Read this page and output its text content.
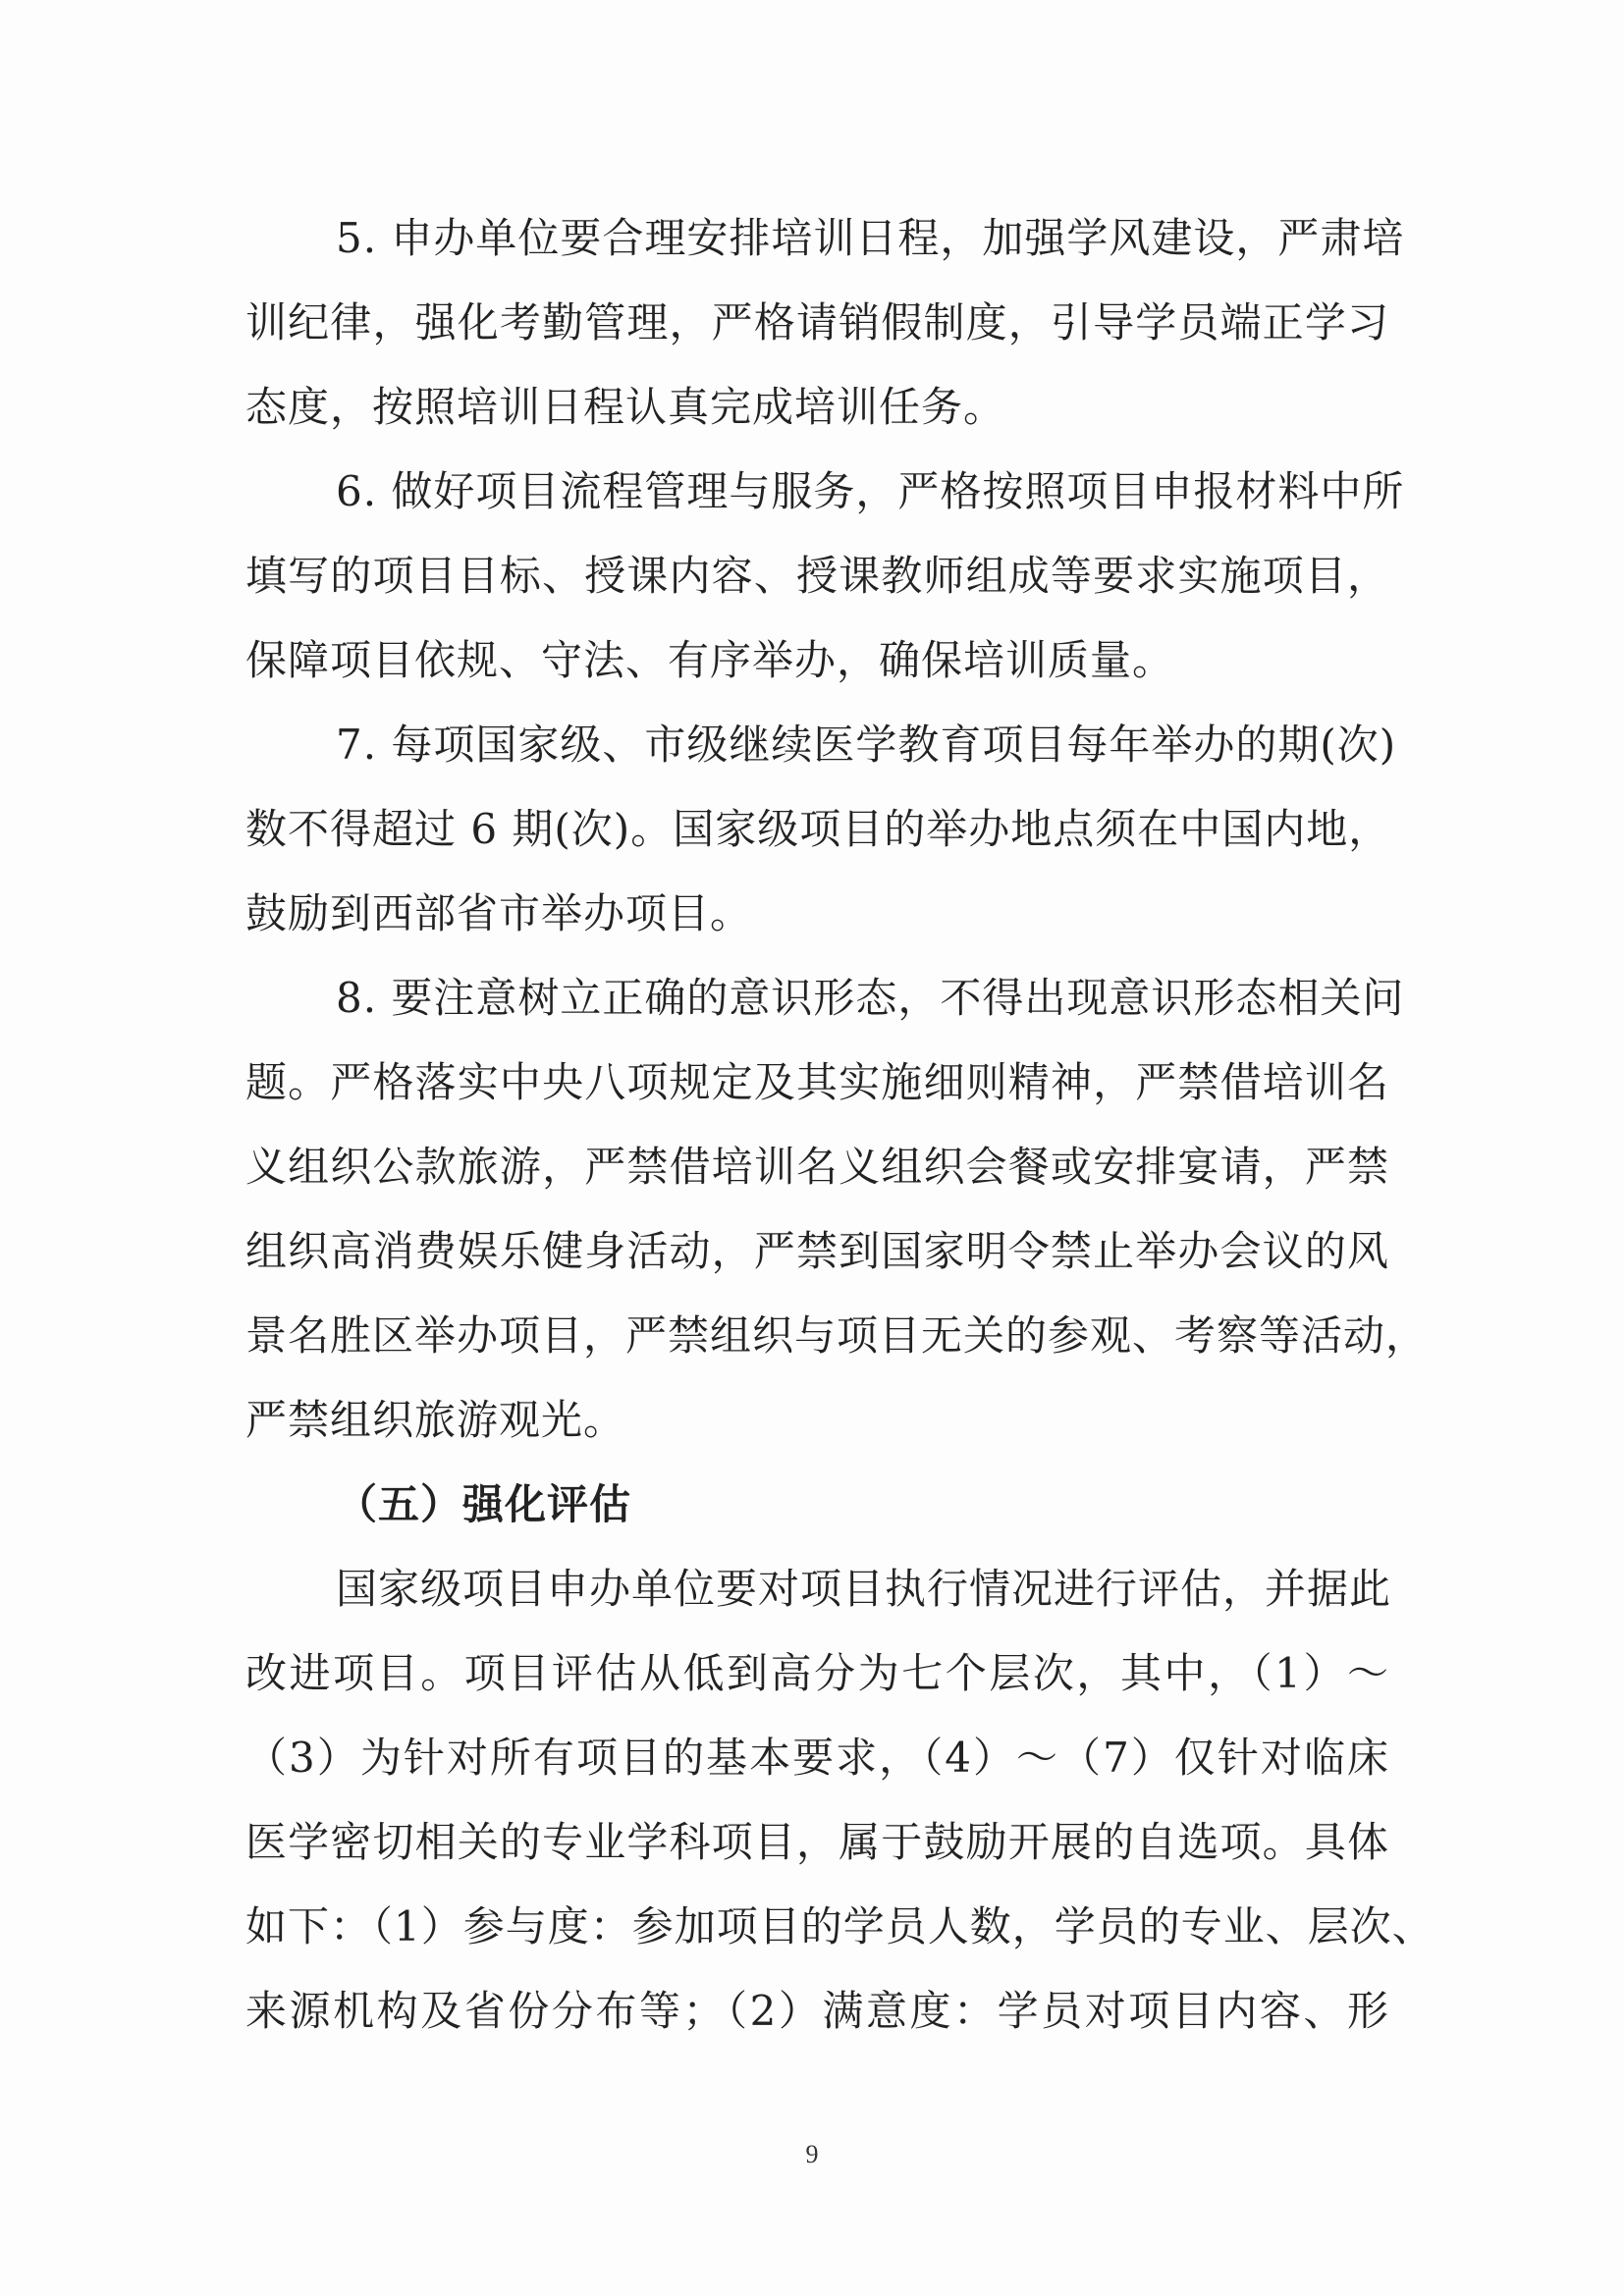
5. 申办单位要合理安排培训日程，加强学风建设，严肃培
训纪律，强化考勤管理，严格请销假制度，引导学员端正学习
态度，按照培训日程认真完成培训任务。
6. 做好项目流程管理与服务，严格按照项目申报材料中所
填写的项目目标、授课内容、授课教师组成等要求实施项目，
保障项目依规、守法、有序举办，确保培训质量。
7. 每项国家级、市级继续医学教育项目每年举办的期(次)
数不得超过 6 期(次)。国家级项目的举办地点须在中国内地，
鼓励到西部省市举办项目。
8. 要注意树立正确的意识形态，不得出现意识形态相关问
题。严格落实中央八项规定及其实施细则精神，严禁借培训名
义组织公款旅游，严禁借培训名义组织会餐或安排宴请，严禁
组织高消费娱乐健身活动，严禁到国家明令禁止举办会议的风
景名胜区举办项目，严禁组织与项目无关的参观、考察等活动，
严禁组织旅游观光。
（五）强化评估
国家级项目申办单位要对项目执行情况进行评估，并据此
改进项目。项目评估从低到高分为七个层次，其中，（1）～
（3）为针对所有项目的基本要求，（4）～（7）仅针对临床
医学密切相关的专业学科项目，属于鼓励开展的自选项。具体
如下：（1）参与度：参加项目的学员人数，学员的专业、层次、
来源机构及省份分布等；（2）满意度：学员对项目内容、形
9
